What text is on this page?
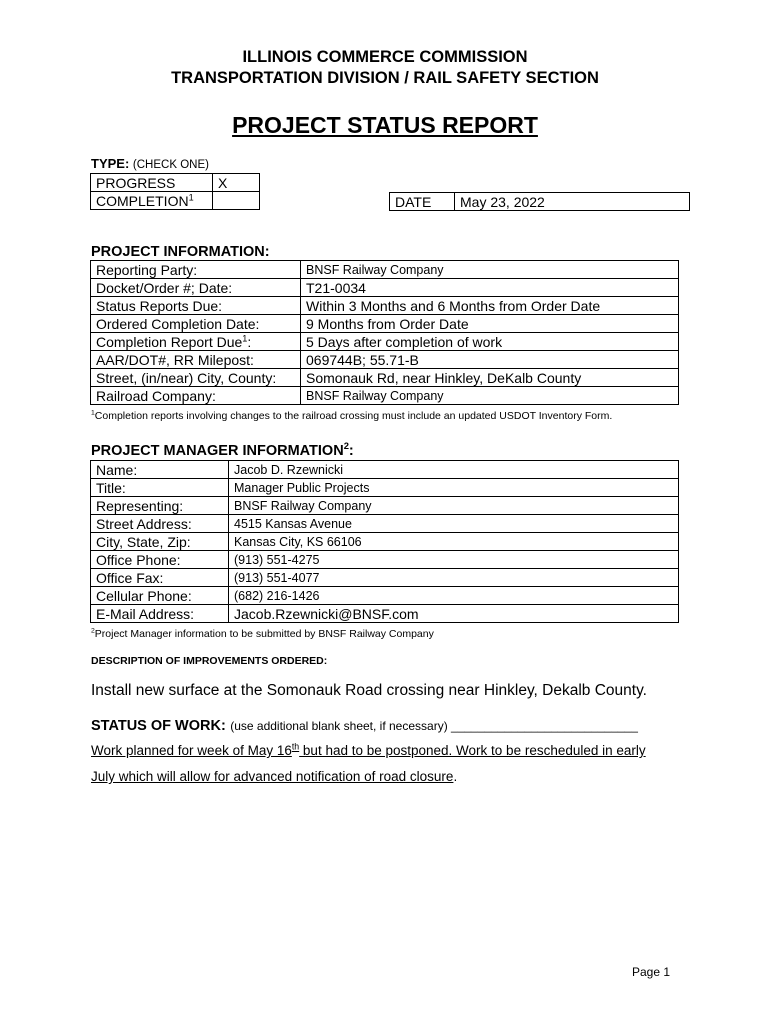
ILLINOIS COMMERCE COMMISSION
TRANSPORTATION DIVISION / RAIL SAFETY SECTION
PROJECT STATUS REPORT
TYPE: (CHECK ONE)
PROGRESS	X
COMPLETION$^1$		DATE	May 23, 2022
PROJECT INFORMATION:
Reporting Party:	BNSF Railway Company
Docket/Order #; Date:	T21-0034
Status Reports Due:	Within 3 Months and 6 Months from Order Date
Ordered Completion Date:	9 Months from Order Date
Completion Report Due$^1$:	5 Days after completion of work
AAR/DOT#, RR Milepost:	069744B; 55.71-B
Street, (in/near) City, County:	Somonauk Rd, near Hinkley, DeKalb County
Railroad Company:	BNSF Railway Company
$^1$Completion reports involving changes to the railroad crossing must include an updated USDOT Inventory Form.
PROJECT MANAGER INFORMATION$^2$:
Name:	Jacob D. Rzewnicki
Title:	Manager Public Projects
Representing:	BNSF Railway Company
Street Address:	4515 Kansas Avenue
City, State, Zip:	Kansas City, KS 66106
Office Phone:	(913) 551-4275
Office Fax:	(913) 551-4077
Cellular Phone:	(682) 216-1426
E-Mail Address:	Jacob.Rzewnicki@BNSF.com
$^2$Project Manager information to be submitted by BNSF Railway Company
DESCRIPTION OF IMPROVEMENTS ORDERED:
Install new surface at the Somonauk Road crossing near Hinkley, Dekalb County.
STATUS OF WORK: (use additional blank sheet, if necessary) ____________________________
Work planned for week of May 16th but had to be postponed. Work to be rescheduled in early
July which will allow for advanced notification of road closure.
Page 1
